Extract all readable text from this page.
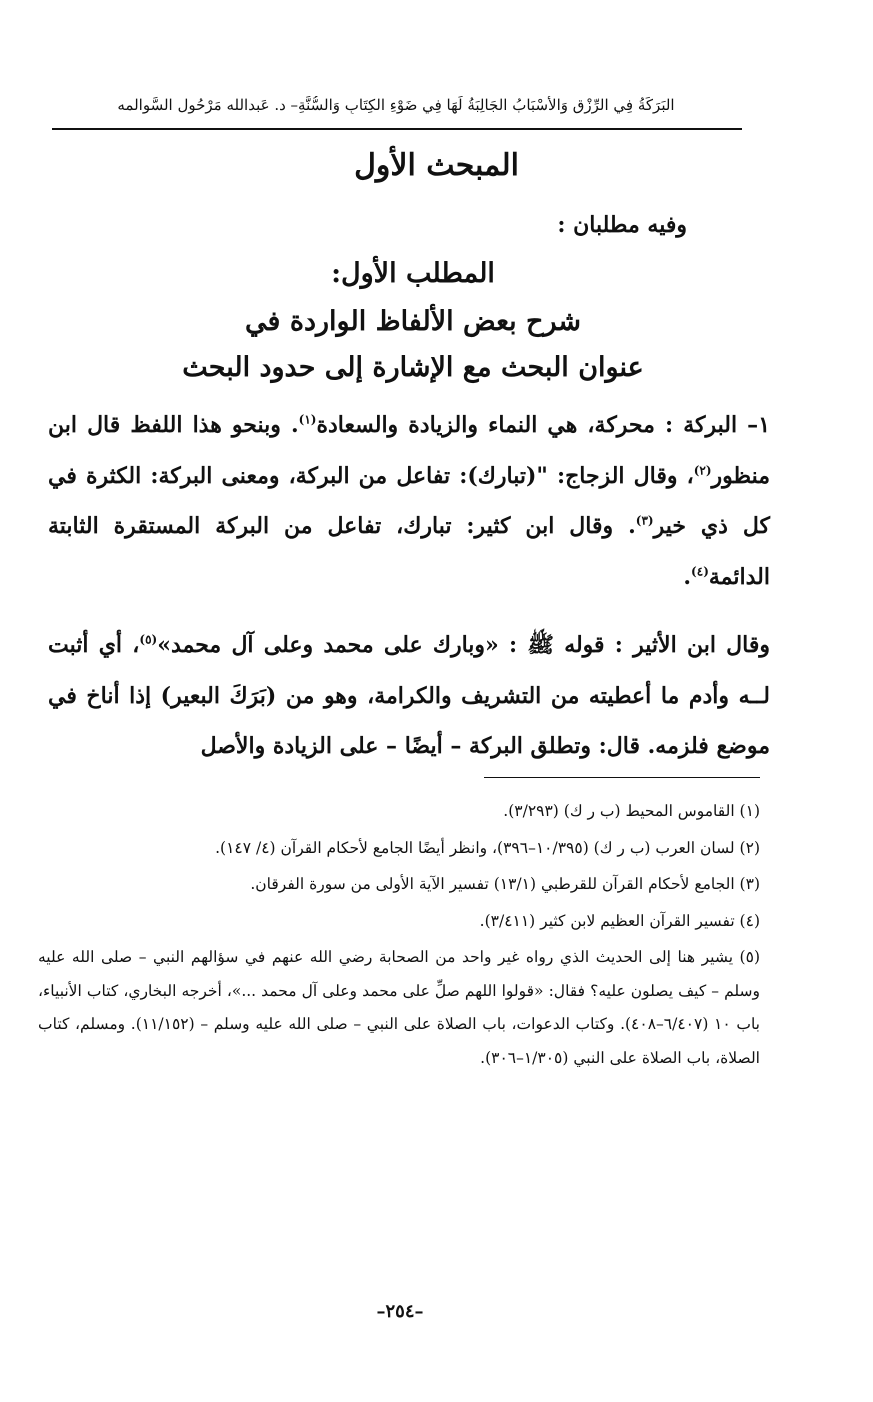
البَرَكَةُ فِي الرِّزْقِ وَالأَسْبَابُ الجَالِبَةُ لَهَا فِي ضَوْءِ الكِتَابِ وَالسُّنَّةِ– د. عَبدالله مَرْحُول السَّوالمه
المبحث الأول
وفيه مطلبان :
المطلب الأول:
شرح بعض الألفاظ الواردة في
عنوان البحث مع الإشارة إلى حدود البحث

١– البركة : محركة، هي النماء والزيادة والسعادة$^{(١)}$. وبنحو هذا اللفظ قال ابن منظور$^{(٢)}$، وقال الزجاج: "(تبارك): تفاعل من البركة، ومعنى البركة: الكثرة في كل ذي خير$^{(٣)}$. وقال ابن كثير: تبارك، تفاعل من البركة المستقرة الثابتة الدائمة$^{(٤)}$.

وقال ابن الأثير : قوله ﷺ : «وبارك على محمد وعلى آل محمد»$^{(٥)}$، أي أثبت لــه وأدم ما أعطيته من التشريف والكرامة، وهو من (بَرَكَ البعير) إذا أناخ في موضع فلزمه. قال: وتطلق البركة – أيضًا – على الزيادة والأصل

(١) القاموس المحيط (ب ر ك) (٣/٢٩٣).
(٢) لسان العرب (ب ر ك) (١٠/٣٩٥–٣٩٦)، وانظر أيضًا الجامع لأحكام القرآن (٤/ ١٤٧).
(٣) الجامع لأحكام القرآن للقرطبي (١٣/١) تفسير الآية الأولى من سورة الفرقان.
(٤) تفسير القرآن العظيم لابن كثير (٣/٤١١).
(٥) يشير هنا إلى الحديث الذي رواه غير واحد من الصحابة رضي الله عنهم في سؤالهم النبي – صلى الله عليه وسلم – كيف يصلون عليه؟ فقال: «قولوا اللهم صلِّ على محمد وعلى آل محمد ...»، أخرجه البخاري، كتاب الأنبياء، باب ١٠ (٦/٤٠٧–٤٠٨). وكتاب الدعوات، باب الصلاة على النبي – صلى الله عليه وسلم – (١١/١٥٢). ومسلم، كتاب الصلاة، باب الصلاة على النبي (١/٣٠٥–٣٠٦).
–٢٥٤–
